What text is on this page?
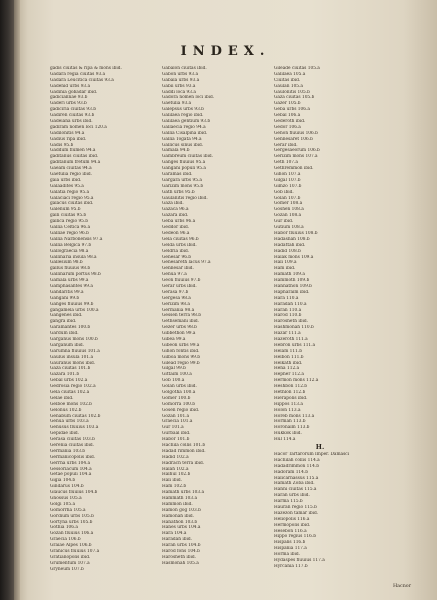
INDEX.
gadis ciuitas & ripa & mons ibid.
Gadara regia ciuitas 93.a
Gadara Leucitica ciuitas 93.a
Gadenid urbs 93.a
Gadinia gobadar ibid.
gadiciannae 93.b
Gaderi urbs 93.b
gadiciria ciuitas 93.b
Gadiren ciuitas 93.b
Gadeiana urbs ibid.
gadiram nomen loci 120.a
Gadilonitis 94.a
Gadius ripa ibid.
Gadis 95.b
Gaddum flumen 94.a
gaditanus ciuitas ibid.
gaditanum fretum 94.a
Gaeam ciuitas 94.a
Gaetulia regio ibid.
gaia urbs ibid.
Galaadites 95.a
Galatia regio 95.a
Galaciaci regio 95.a
galacus ciuitas ibid.
Galenum 95.b
galli ciuitas 95.b
gallica regio 95.b
Gallia Celtica 96.a
Galliae regio 96.b
Gallia Narbonensis 97.a
Gallia Belgica 97.b
Gallograecia 98.a
Gallinaria insula 98.a
Gallesium 98.b
gallus fluuius 98.b
Gallinarum portus 98.b
Gamala urbs 99.a
Gamphasantes 99.a
Gandaritis 99.a
Gangani 99.b
Ganges fluuius 99.b
gangamela urbs 100.a
Gangenes ibid.
gangra ibid.
Garamantes 100.b
Gardum ibid.
Garganus mons 100.b
Garganum ibid.
Garumna fluuius 101.a
Gaulus insula 101.a
Gauranus mons ibid.
Gaza ciuitas 101.b
Gazara 101.b
Gebal urbs 102.a
Gedrosia regio 102.a
Gela ciuitas 102.a
Gelae ibid.
Gelboe mons 102.b
Gelonus 102.b
Genabum ciuitas 102.b
Genua urbs 103.a
Genusus fluuius 103.a
Gepidae ibid.
Gerasa ciuitas 103.b
Gerenia ciuitas ibid.
Germania 103.b
Germanicopolis ibid.
Gerrha urbs 104.a
Gessoriacum 104.a
Getae populi 104.a
Gigia 104.b
Gindarus 104.b
Glaucus fluuius 104.b
Gnossus 105.a
Golgi 105.a
Gomorrha 105.a
Gordium urbs 105.b
Gortyna urbs 105.b
Gothia 106.a
Gozan fluuius 106.a
Graecia 106.b
Graiae Alpes 106.b
Granicus fluuius 107.a
Gratianopolis ibid.
Grumentum 107.a
Gryneum 107.b
Gabalon ciuitas ibid.
Gabon urbs 93.a
Gabala urbs 93.a
Gabii urbs 93.a
Gaddi loca 93.a
Gadora nomen loci ibid.
Gaetulia 93.a
Galepsus urbs 93.b
Galilaea regio ibid.
Galilaea gentium 93.b
Gallaecia regio 94.a
Gallia Cisalpina ibid.
Gallia Togata 94.a
Gallicus sinus ibid.
Gamala 94.b
Gambreum ciuitas ibid.
Ganges fluuius 95.a
Gangani populi 95.a
Garamas ibid.
Gargara urbs 95.a
Garizim mons 95.b
Gath urbs 95.b
Gaulanitis regio ibid.
Gaza ibid.
Gazaca 96.a
Gazara ibid.
Geba urbs 96.a
Geddor ibid.
Gedeon 96.a
Gela ciuitas 96.b
Gelda urbs ibid.
Geldria ibid.
Genesar 96.b
Genesareth lacus 97.a
Gennesar ibid.
Genua 97.a
Geon fluuius 97.b
Gerar urbs ibid.
Gerasa 97.b
Gergesa 98.a
Gerizim 98.a
Germania 98.a
Gessen terra 98.b
Gethsemani ibid.
Gezer urbs 98.b
Gibbethon 99.a
Gibea 99.a
Gibeon urbs 99.a
Gihon fontis ibid.
Gilboa mons 99.b
Gilead regio 99.b
Gilgal 99.b
Gittaim 100.a
Gob 100.a
Golan urbs ibid.
Golgotha 100.a
Gomer 100.b
Gomorra 100.b
Gosen regio ibid.
Gozan 101.a
Graecia 101.a
Gur 101.a
Gurbaal ibid.
Habor 101.b
Hachila collis 101.b
Hadad rimmon ibid.
Hadid 102.a
Hadrach terra ibid.
Halah 102.a
Halhul 102.b
Hali ibid.
Ham 102.b
Hamath urbs 103.a
Hammath 103.a
Hammon ibid.
Hamon gog 103.b
Hamonah ibid.
Hanathon 103.b
Hanes urbs 104.a
Hara 104.a
Haradah ibid.
Haran urbs 104.b
Harod fons 104.b
Harosheth ibid.
Hasmonah 105.a
Gileade ciuitas 105.a
Galilaea 105.a
Ciuitas ibid.
Gaulan 105.a
Gaulonitis 105.b
Gaza ciuitas 105.b
Gazer 105.b
Geba urbs 106.a
Gebal 106.a
Gederoth ibid.
Gedor 106.a
Gehon fluuius 106.b
Gennesaret 106.b
Gerar ibid.
Gergesaeorum 106.b
Gerizim mons 107.a
Geth 107.a
Gethremmon ibid.
Gihon 107.a
Gilgal 107.b
Gimzo 107.b
Gob ibid.
Golan 107.b
Gomer 108.a
Goshen 108.a
Gozan 108.a
Gur ibid.
Gutium 108.a
Habor fluuius 108.b
Hadashah 108.b
Hadattah ibid.
Hadid 108.b
Halak mons 109.a
Hali 109.a
Ham ibid.
Hamath 109.a
Hammoth 109.b
Hannathon 109.b
Hapharaim ibid.
Hara 110.a
Haradah 110.a
Haran 110.a
Harod 110.b
Harosheth ibid.
Hashmonah 110.b
Hazar 111.a
Hazeroth 111.a
Hebron urbs 111.a
Helam 111.b
Helbon 111.b
Helkath ibid.
Hena 112.a
Hepher 112.a
Hermon mons 112.a
Heshbon 112.b
Hethlon 112.b
Hierapolis ibid.
Hippos 113.a
Holon 113.a
Horeb mons 113.a
Hormah 113.b
Horonaim 113.b
Hukkok ibid.
Hul 114.a
H.
Hacor Tartarorum Imper. Damasci
Hachilah collis 114.a
Hadadrimmon 114.b
Hadoram 114.b
Halicarnassus 115.a
Hamath Zoba ibid.
Hanni ciuitas 115.a
Haran urbs ibid.
Harma 115.b
Hauran regio 115.b
Hazezon tamar ibid.
Heliopolis 116.a
Hermopolis ibid.
Hesebon 116.a
Hippo regius 116.b
Hispalis 116.b
Hispania 117.a
Horma ibid.
Hydaspes fluuius 117.a
Hyrcania 117.b
Hacnor
